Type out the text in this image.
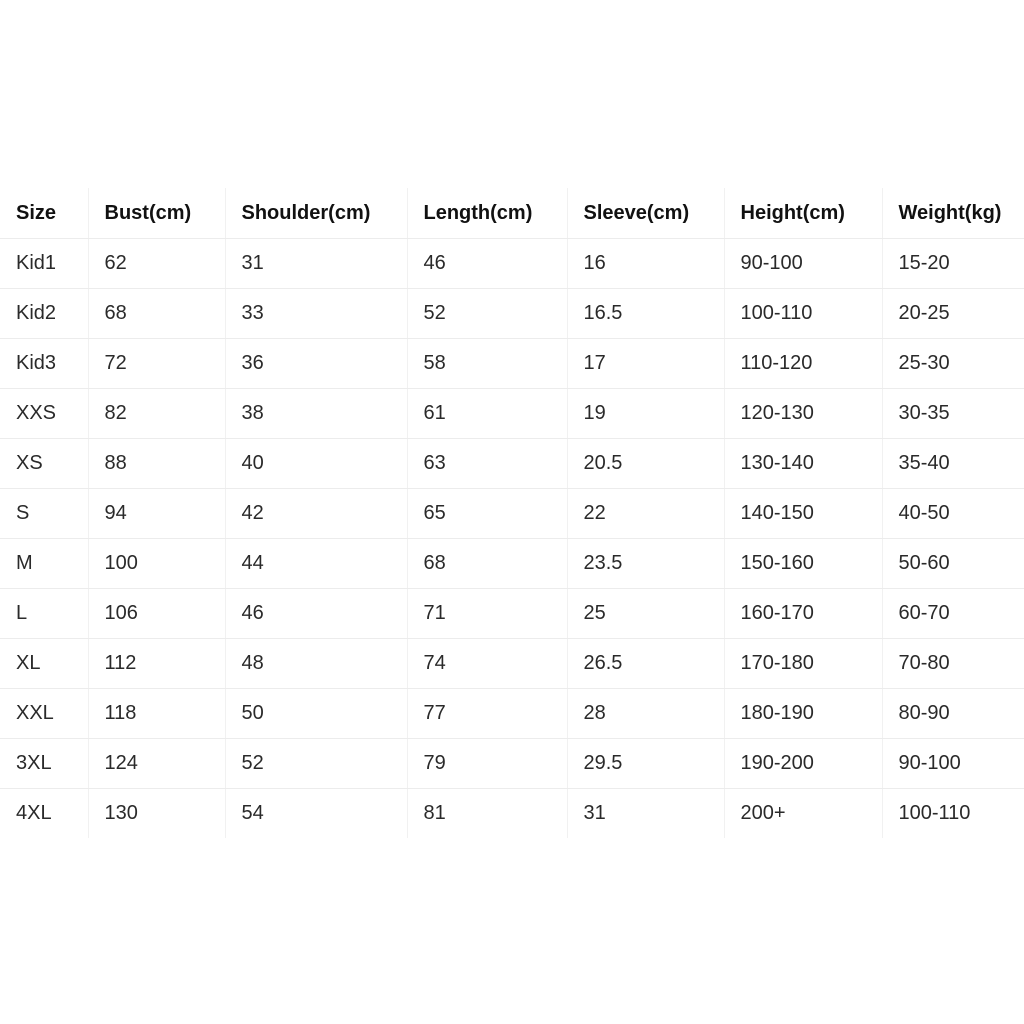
Size	Bust(cm)	Shoulder(cm)	Length(cm)	Sleeve(cm)	Height(cm)	Weight(kg)
Kid1	62	31	46	16	90-100	15-20
Kid2	68	33	52	16.5	100-110	20-25
Kid3	72	36	58	17	110-120	25-30
XXS	82	38	61	19	120-130	30-35
XS	88	40	63	20.5	130-140	35-40
S	94	42	65	22	140-150	40-50
M	100	44	68	23.5	150-160	50-60
L	106	46	71	25	160-170	60-70
XL	112	48	74	26.5	170-180	70-80
XXL	118	50	77	28	180-190	80-90
3XL	124	52	79	29.5	190-200	90-100
4XL	130	54	81	31	200+	100-110
